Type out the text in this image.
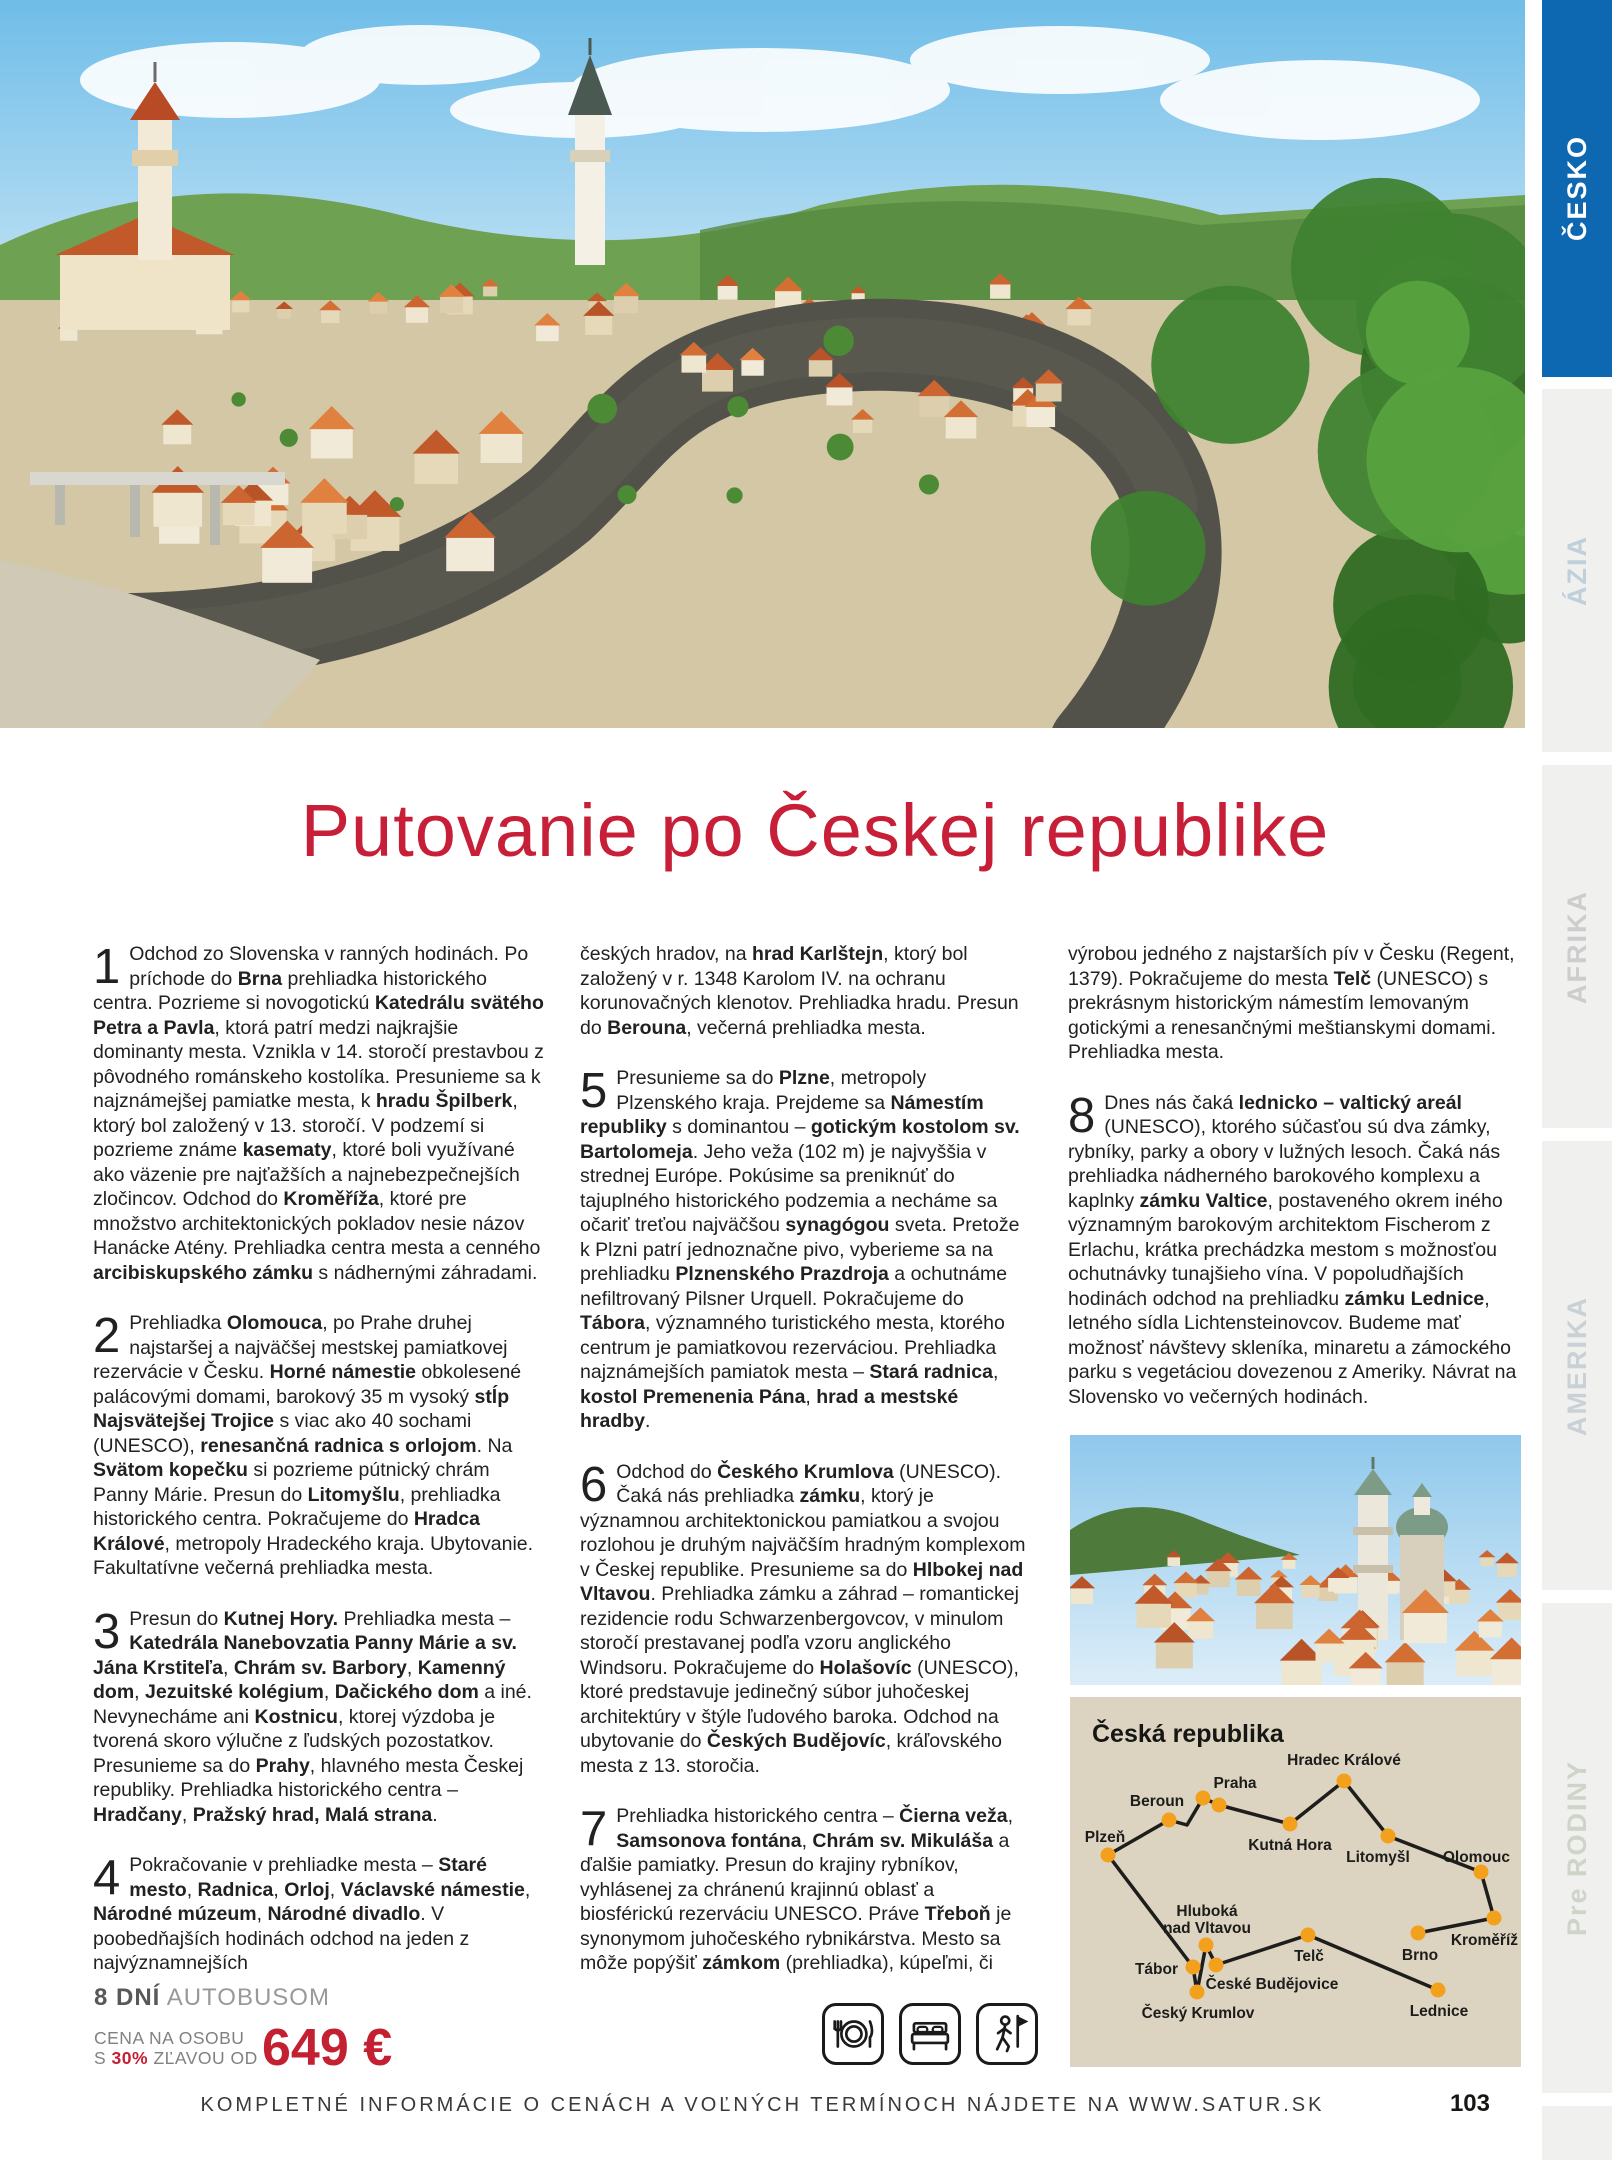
ČESKO
ÁZIA
AFRIKA
AMERIKA
Pre RODINY
Putovanie po Českej republike
1 Odchod zo Slovenska v ranných hodinách. Po príchode do Brna prehliadka historického centra. Pozrieme si novogotickú Katedrálu svätého Petra a Pavla, ktorá patrí medzi najkrajšie dominanty mesta. Vznikla v 14. storočí prestavbou z pôvodného románskeho kostolíka. Presunieme sa k najznámejšej pamiatke mesta, k hradu Špilberk, ktorý bol založený v 13. storočí. V podzemí si pozrieme známe kasematy, ktoré boli využívané ako väzenie pre najťažších a najnebezpečnejších zločincov. Odchod do Kroměříža, ktoré pre množstvo architektonických pokladov nesie názov Hanácke Atény. Prehliadka centra mesta a cenného arcibiskupského zámku s nádhernými záhradami.
2 Prehliadka Olomouca, po Prahe druhej najstaršej a najväčšej mestskej pamiatkovej rezervácie v Česku. Horné námestie obkolesené palácovými domami, barokový 35 m vysoký stĺp Najsvätejšej Trojice s viac ako 40 sochami (UNESCO), renesančná radnica s orlojom. Na Svätom kopečku si pozrieme pútnický chrám Panny Márie. Presun do Litomyšlu, prehliadka historického centra. Pokračujeme do Hradca Králové, metropoly Hradeckého kraja. Ubytovanie. Fakultatívne večerná prehliadka mesta.
3 Presun do Kutnej Hory. Prehliadka mesta – Katedrála Nanebovzatia Panny Márie a sv. Jána Krstiteľa, Chrám sv. Barbory, Kamenný dom, Jezuitské kolégium, Dačického dom a iné. Nevynecháme ani Kostnicu, ktorej výzdoba je tvorená skoro výlučne z ľudských pozostatkov. Presunieme sa do Prahy, hlavného mesta Českej republiky. Prehliadka historického centra – Hradčany, Pražský hrad, Malá strana.
4 Pokračovanie v prehliadke mesta – Staré mesto, Radnica, Orloj, Václavské námestie, Národné múzeum, Národné divadlo. V poobedňajších hodinách odchod na jeden z najvýznamnejších
českých hradov, na hrad Karlštejn, ktorý bol založený v r. 1348 Karolom IV. na ochranu korunovačných klenotov. Prehliadka hradu. Presun do Berouna, večerná prehliadka mesta.
5 Presunieme sa do Plzne, metropoly Plzenského kraja. Prejdeme sa Námestím republiky s dominantou – gotickým kostolom sv. Bartolomeja. Jeho veža (102 m) je najvyššia v strednej Európe. Pokúsime sa preniknúť do tajuplného historického podzemia a necháme sa očariť treťou najväčšou synagógou sveta. Pretože k Plzni patrí jednoznačne pivo, vyberieme sa na prehliadku Plznenského Prazdroja a ochutnáme nefiltrovaný Pilsner Urquell. Pokračujeme do Tábora, významného turistického mesta, ktorého centrum je pamiatkovou rezerváciou. Prehliadka najznámejších pamiatok mesta – Stará radnica, kostol Premenenia Pána, hrad a mestské hradby.
6 Odchod do Českého Krumlova (UNESCO). Čaká nás prehliadka zámku, ktorý je významnou architektonickou pamiatkou a svojou rozlohou je druhým najväčším hradným komplexom v Českej republike. Presunieme sa do Hlbokej nad Vltavou. Prehliadka zámku a záhrad – romantickej rezidencie rodu Schwarzenbergovcov, v minulom storočí prestavanej podľa vzoru anglického Windsoru. Pokračujeme do Holašovíc (UNESCO), ktoré predstavuje jedinečný súbor juhočeskej architektúry v štýle ľudového baroka. Odchod na ubytovanie do Českých Budějovíc, kráľovského mesta z 13. storočia.
7 Prehliadka historického centra – Čierna veža, Samsonova fontána, Chrám sv. Mikuláša a ďalšie pamiatky. Presun do krajiny rybníkov, vyhlásenej za chránenú krajinnú oblasť a biosférickú rezerváciu UNESCO. Práve Třeboň je synonymom juhočeského rybnikárstva. Mesto sa môže popýšiť zámkom (prehliadka), kúpeľmi, či
výrobou jedného z najstarších pív v Česku (Regent, 1379). Pokračujeme do mesta Telč (UNESCO) s prekrásnym historickým námestím lemovaným gotickými a renesančnými meštianskymi domami. Prehliadka mesta.
8 Dnes nás čaká lednicko – valtický areál (UNESCO), ktorého súčasťou sú dva zámky, rybníky, parky a obory v lužných lesoch. Čaká nás prehliadka nádherného barokového komplexu a kaplnky zámku Valtice, postaveného okrem iného významným barokovým architektom Fischerom z Erlachu, krátka prechádzka mestom s možnosťou ochutnávky tunajšieho vína. V popoludňajších hodinách odchod na prehliadku zámku Lednice, letného sídla Lichtensteinovcov. Budeme mať možnosť návštevy skleníka, minaretu a zámockého parku s vegetáciou dovezenou z Ameriky. Návrat na Slovensko vo večerných hodinách.
8 DNÍ AUTOBUSOM
CENA NA OSOBU
S 30% ZĽAVOU OD 649 €
Plzeň
Beroun
Praha
Kutná Hora
Hradec Králové
Litomyšl Olomouc
Kroměříž
Brno
Telč
Lednice
Hluboká
nad Vltavou
České Budějovice
Tábor
Český Krumlov
Česká republika
KOMPLETNÉ INFORMÁCIE O CENÁCH A VOĽNÝCH TERMÍNOCH NÁJDETE NA WWW.SATUR.SK	103
